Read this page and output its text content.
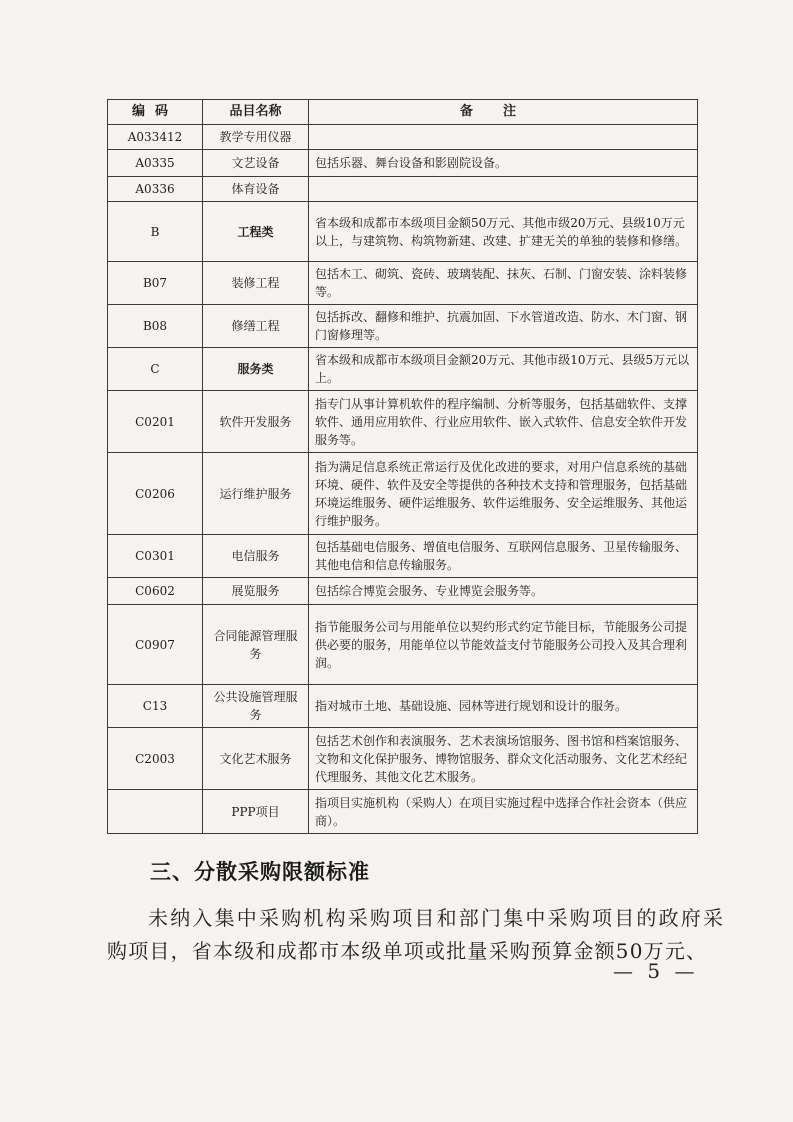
编码	品目名称	备注
A033412	教学专用仪器	
A0335	文艺设备	包括乐器、舞台设备和影剧院设备。
A0336	体育设备	
B	工程类	省本级和成都市本级项目金额50万元、其他市级20万元、县级10万元以上，与建筑物、构筑物新建、改建、扩建无关的单独的装修和修缮。
B07	装修工程	包括木工、砌筑、瓷砖、玻璃装配、抹灰、石制、门窗安装、涂料装修等。
B08	修缮工程	包括拆改、翻修和维护、抗震加固、下水管道改造、防水、木门窗、钢门窗修理等。
C	服务类	省本级和成都市本级项目金额20万元、其他市级10万元、县级5万元以上。
C0201	软件开发服务	指专门从事计算机软件的程序编制、分析等服务，包括基础软件、支撑软件、通用应用软件、行业应用软件、嵌入式软件、信息安全软件开发服务等。
C0206	运行维护服务	指为满足信息系统正常运行及优化改进的要求，对用户信息系统的基础环境、硬件、软件及安全等提供的各种技术支持和管理服务，包括基础环境运维服务、硬件运维服务、软件运维服务、安全运维服务、其他运行维护服务。
C0301	电信服务	包括基础电信服务、增值电信服务、互联网信息服务、卫星传输服务、其他电信和信息传输服务。
C0602	展览服务	包括综合博览会服务、专业博览会服务等。
C0907	合同能源管理服务	指节能服务公司与用能单位以契约形式约定节能目标，节能服务公司提供必要的服务，用能单位以节能效益支付节能服务公司投入及其合理利润。
C13	公共设施管理服务	指对城市土地、基础设施、园林等进行规划和设计的服务。
C2003	文化艺术服务	包括艺术创作和表演服务、艺术表演场馆服务、图书馆和档案馆服务、文物和文化保护服务、博物馆服务、群众文化活动服务、文化艺术经纪代理服务、其他文化艺术服务。
	PPP项目	指项目实施机构（采购人）在项目实施过程中选择合作社会资本（供应商）。
三、分散采购限额标准
未纳入集中采购机构采购项目和部门集中采购项目的政府采
购项目，省本级和成都市本级单项或批量采购预算金额50万元、
— 5 —
